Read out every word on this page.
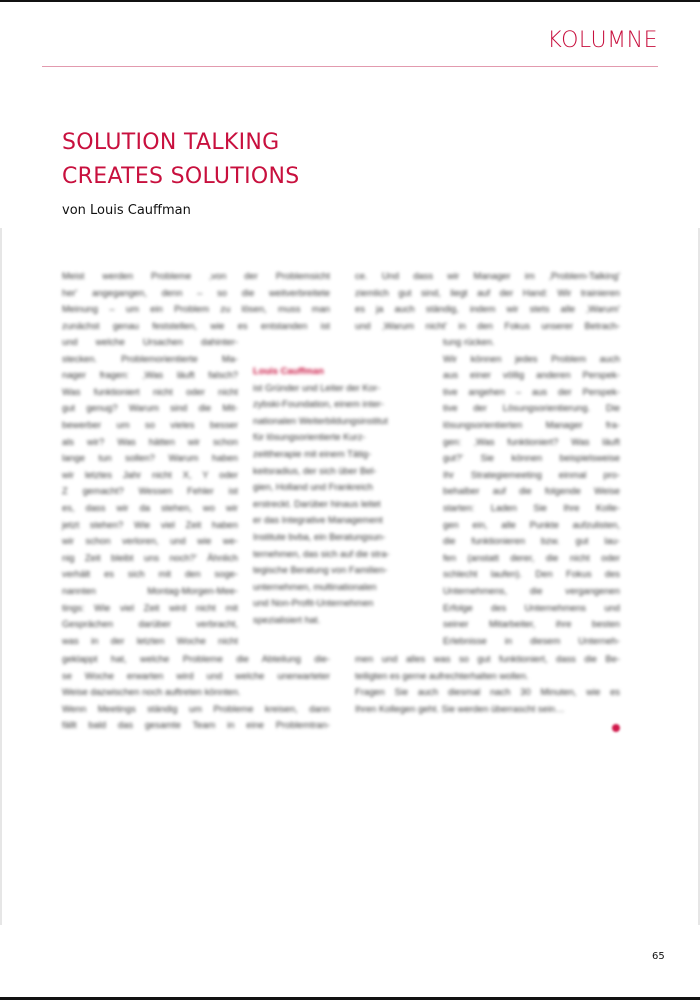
KOLUMNE
SOLUTION TALKING
CREATES SOLUTIONS
von Louis Cauffman
Meist werden Probleme ‚von der Problemsicht
her' angegangen, denn – so die weitverbreitete
Meinung – um ein Problem zu lösen, muss man
zunächst genau feststellen, wie es entstanden ist
und welche Ursachen dahinter-
stecken. Problemorientierte Ma-
nager fragen: ‚Was läuft falsch?
Was funktioniert nicht oder nicht
gut genug? Warum sind die Mit-
bewerber um so vieles besser
als wir? Was hätten wir schon
lange tun sollen? Warum haben
wir letztes Jahr nicht X, Y oder
Z gemacht? Wessen Fehler ist
es, dass wir da stehen, wo wir
jetzt stehen? Wie viel Zeit haben
wir schon verloren, und wie we-
nig Zeit bleibt uns noch?' Ähnlich
verhält es sich mit den soge-
nannten Montag-Morgen-Mee-
tings: Wie viel Zeit wird nicht mit
Gesprächen darüber verbracht,
was in der letzten Woche nicht
geklappt hat, welche Probleme die Abteilung die-
se Woche erwarten wird und welche unerwarteter
Weise dazwischen noch auftreten könnten.
Wenn Meetings ständig um Probleme kreisen, dann
fällt bald das gesamte Team in eine Problemtran-
ce. Und dass wir Manager im ‚Problem-Talking'
ziemlich gut sind, liegt auf der Hand: Wir trainieren
es ja auch ständig, indem wir stets alle ‚Warum'
und ‚Warum nicht' in den Fokus unserer Betrach-
tung rücken.
Wir können jedes Problem auch
aus einer völlig anderen Perspek-
tive angehen – aus der Perspek-
tive der Lösungsorientierung. Die
lösungsorientierten Manager fra-
gen: ‚Was funktioniert? Was läuft
gut?' Sie können beispielsweise
Ihr Strategiemeeting einmal pro-
behalber auf die folgende Weise
starten: Laden Sie Ihre Kolle-
gen ein, alle Punkte aufzulisten,
die funktionieren bzw. gut lau-
fen (anstatt derer, die nicht oder
schlecht laufen). Den Fokus des
Unternehmens, die vergangenen
Erfolge des Unternehmens und
seiner Mitarbeiter, ihre besten
Erlebnisse in diesem Unterneh-
men und alles was so gut funktioniert, dass die Be-
teiligten es gerne aufrechterhalten wollen.
Fragen Sie auch diesmal nach 30 Minuten, wie es
Ihren Kollegen geht. Sie werden überrascht sein…
Louis Cauffman
ist Gründer und Leiter der Kor-
zybski-Foundation, einem inter-
nationalen Weiterbildungsinstitut
für lösungsorientierte Kurz-
zeittherapie mit einem Tätig-
keitsradius, der sich über Bel-
gien, Holland und Frankreich
erstreckt. Darüber hinaus leitet
er das Integrative Management
Institute bvba, ein Beratungsun-
ternehmen, das sich auf die stra-
tegische Beratung von Familien-
unternehmen, multinationalen
und Non-Profit-Unternehmen
spezialisiert hat.
65
